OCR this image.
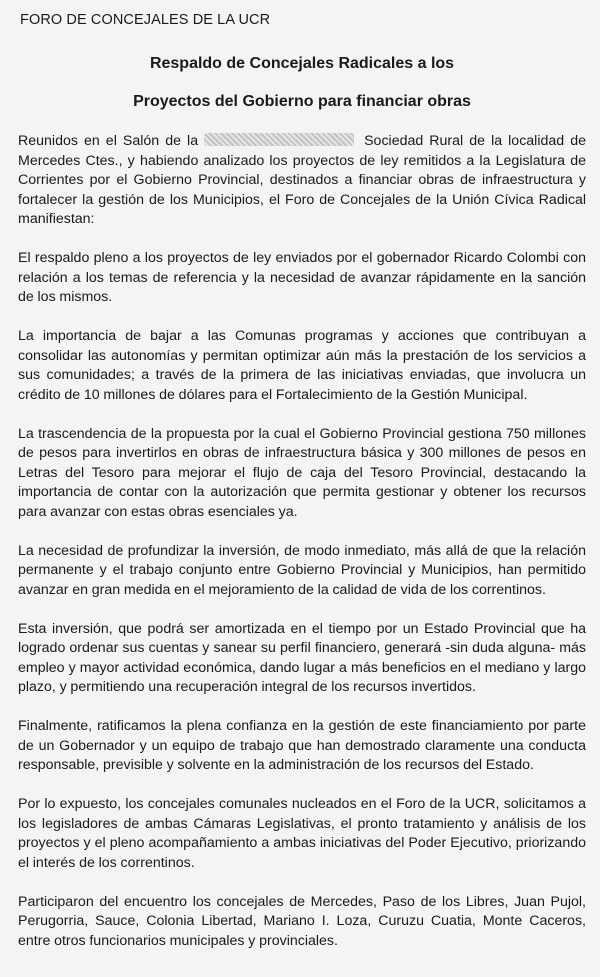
FORO DE CONCEJALES DE LA UCR
Respaldo de Concejales Radicales a los
Proyectos del Gobierno para financiar obras

Reunidos en el Salón de la	Sociedad Rural de la localidad de Mercedes Ctes., y habiendo analizado los proyectos de ley remitidos a la Legislatura de Corrientes por el Gobierno Provincial, destinados a financiar obras de infraestructura y fortalecer la gestión de los Municipios, el Foro de Concejales de la Unión Cívica Radical manifiestan:

El respaldo pleno a los proyectos de ley enviados por el gobernador Ricardo Colombi con relación a los temas de referencia y la necesidad de avanzar rápidamente en la sanción de los mismos.

La importancia de bajar a las Comunas programas y acciones que contribuyan a consolidar las autonomías y permitan optimizar aún más la prestación de los servicios a sus comunidades; a través de la primera de las iniciativas enviadas, que involucra un crédito de 10 millones de dólares para el Fortalecimiento de la Gestión Municipal.

La trascendencia de la propuesta por la cual el Gobierno Provincial gestiona 750 millones de pesos para invertirlos en obras de infraestructura básica y 300 millones de pesos en Letras del Tesoro para mejorar el flujo de caja del Tesoro Provincial, destacando la importancia de contar con la autorización que permita gestionar y obtener los recursos para avanzar con estas obras esenciales ya.

La necesidad de profundizar la inversión, de modo inmediato, más allá de que la relación permanente y el trabajo conjunto entre Gobierno Provincial y Municipios, han permitido avanzar en gran medida en el mejoramiento de la calidad de vida de los correntinos.

Esta inversión, que podrá ser amortizada en el tiempo por un Estado Provincial que ha logrado ordenar sus cuentas y sanear su perfil financiero, generará -sin duda alguna- más empleo y mayor actividad económica, dando lugar a más beneficios en el mediano y largo plazo, y permitiendo una recuperación integral de los recursos invertidos.

Finalmente, ratificamos la plena confianza en la gestión de este financiamiento por parte de un Gobernador y un equipo de trabajo que han demostrado claramente una conducta responsable, previsible y solvente en la administración de los recursos del Estado.

Por lo expuesto, los concejales comunales nucleados en el Foro de la UCR, solicitamos a los legisladores de ambas Cámaras Legislativas, el pronto tratamiento y análisis de los proyectos y el pleno acompañamiento a ambas iniciativas del Poder Ejecutivo, priorizando el interés de los correntinos.

Participaron del encuentro los concejales de Mercedes, Paso de los Libres, Juan Pujol, Perugorria, Sauce, Colonia Libertad, Mariano I. Loza, Curuzu Cuatia, Monte Caceros, entre otros funcionarios municipales y provinciales.
